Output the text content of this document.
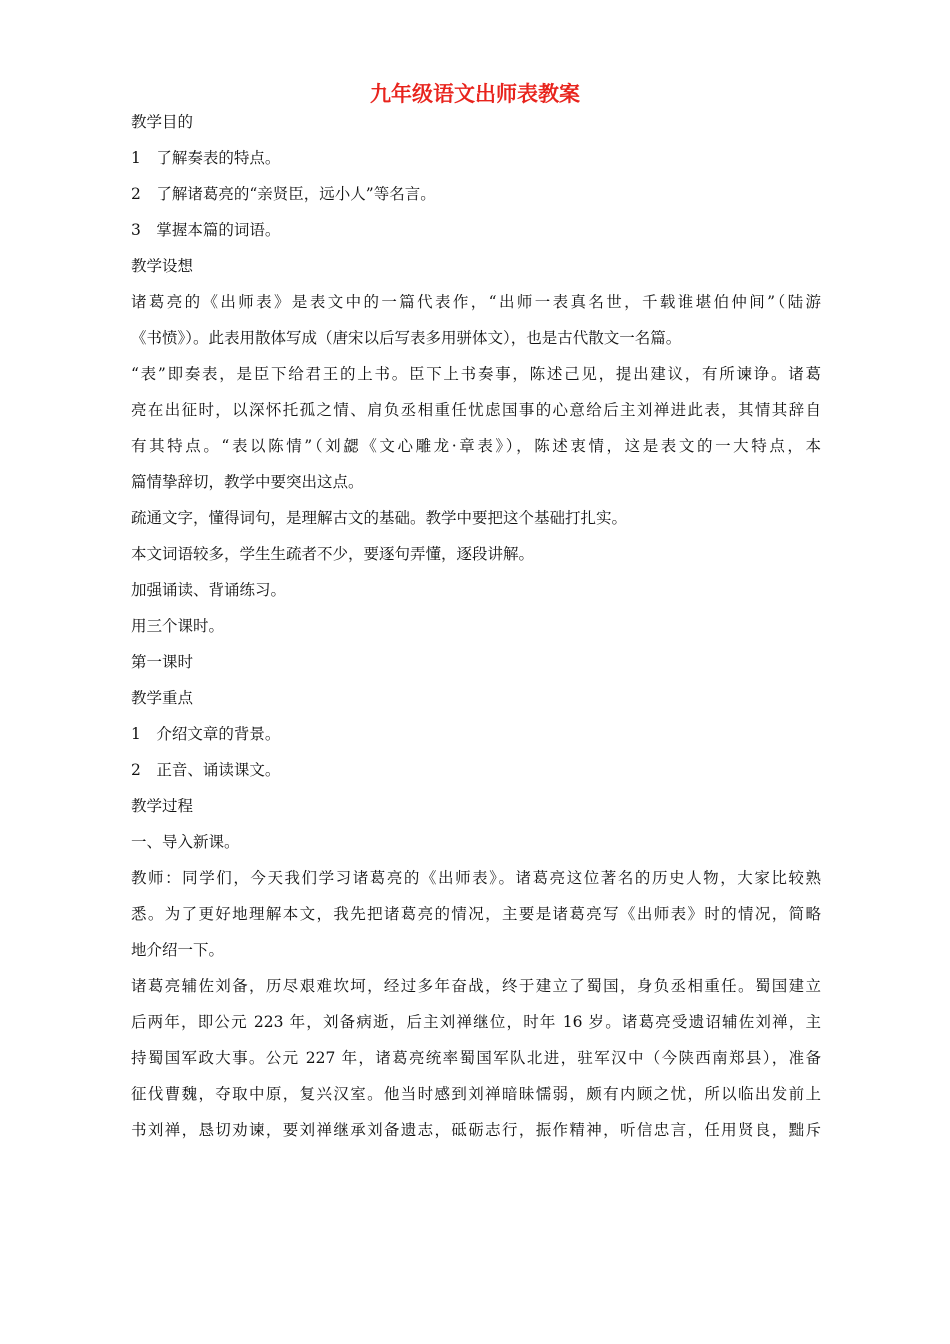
九年级语文出师表教案

教学目的

1　了解奏表的特点。

2　了解诸葛亮的“亲贤臣，远小人”等名言。

3　掌握本篇的词语。

教学设想

诸葛亮的《出师表》是表文中的一篇代表作，“出师一表真名世，千载谁堪伯仲间”（陆游

《书愤》）。此表用散体写成（唐宋以后写表多用骈体文），也是古代散文一名篇。

“表”即奏表，是臣下给君王的上书。臣下上书奏事，陈述己见，提出建议，有所谏诤。诸葛

亮在出征时，以深怀托孤之情、肩负丞相重任忧虑国事的心意给后主刘禅进此表，其情其辞自

有其特点。“表以陈情”（刘勰《文心雕龙·章表》），陈述衷情，这是表文的一大特点，本

篇情挚辞切，教学中要突出这点。

疏通文字，懂得词句，是理解古文的基础。教学中要把这个基础打扎实。

本文词语较多，学生生疏者不少，要逐句弄懂，逐段讲解。

加强诵读、背诵练习。

用三个课时。

第一课时

教学重点

1　介绍文章的背景。

2　正音、诵读课文。

教学过程

一、导入新课。

教师：同学们，今天我们学习诸葛亮的《出师表》。诸葛亮这位著名的历史人物，大家比较熟

悉。为了更好地理解本文，我先把诸葛亮的情况，主要是诸葛亮写《出师表》时的情况，简略

地介绍一下。

诸葛亮辅佐刘备，历尽艰难坎坷，经过多年奋战，终于建立了蜀国，身负丞相重任。蜀国建立

后两年，即公元 223 年，刘备病逝，后主刘禅继位，时年 16 岁。诸葛亮受遗诏辅佐刘禅，主

持蜀国军政大事。公元 227 年，诸葛亮统率蜀国军队北进，驻军汉中（今陕西南郑县），准备

征伐曹魏，夺取中原，复兴汉室。他当时感到刘禅暗昧懦弱，颇有内顾之忧，所以临出发前上

书刘禅，恳切劝谏，要刘禅继承刘备遗志，砥砺志行，振作精神，听信忠言，任用贤良，黜斥
